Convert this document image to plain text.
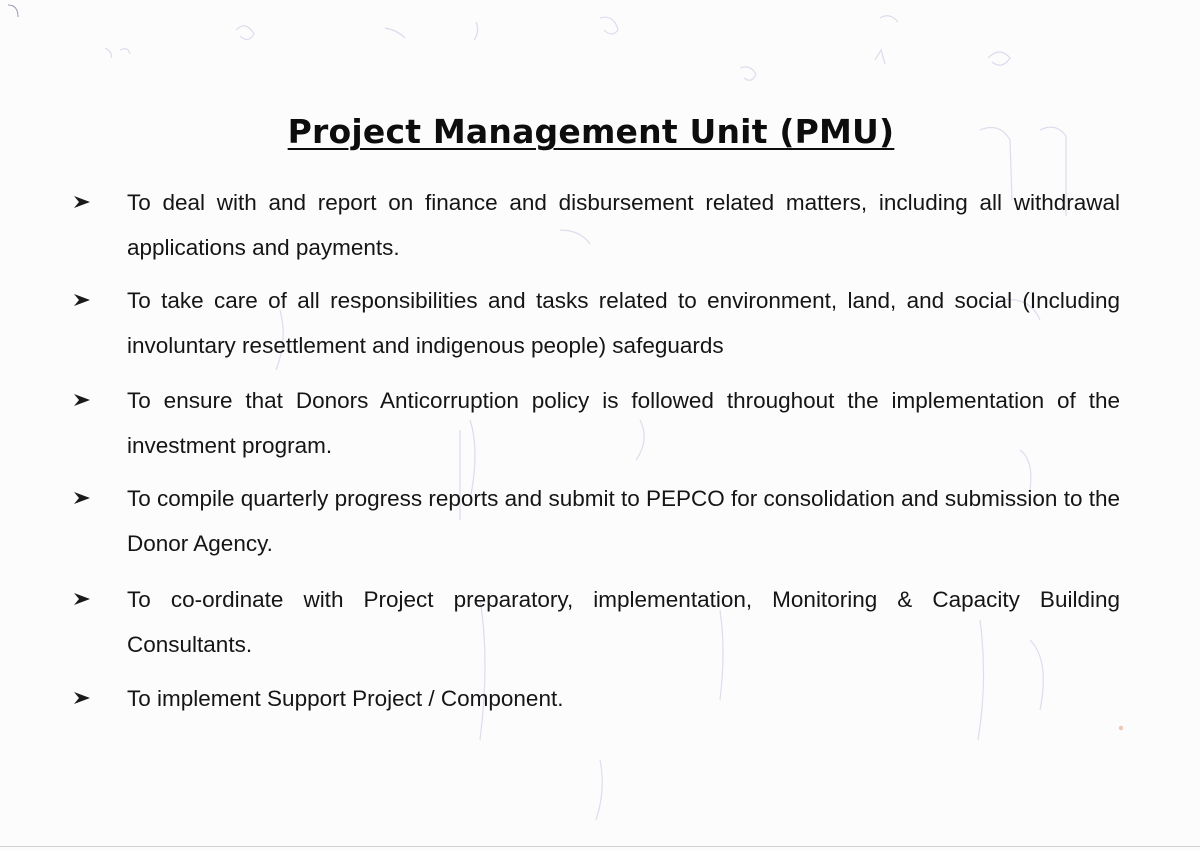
Project Management Unit (PMU)
To deal with and report on finance and disbursement related matters, including all withdrawal applications and payments.
To take care of all responsibilities and tasks related to environment, land, and social (Including involuntary resettlement and indigenous people) safeguards
To ensure that Donors Anticorruption policy is followed throughout the implementation of the investment program.
To compile quarterly progress reports and submit to PEPCO for consolidation and submission to the Donor Agency.
To co-ordinate with Project preparatory, implementation, Monitoring & Capacity Building Consultants.
To implement Support Project / Component.
